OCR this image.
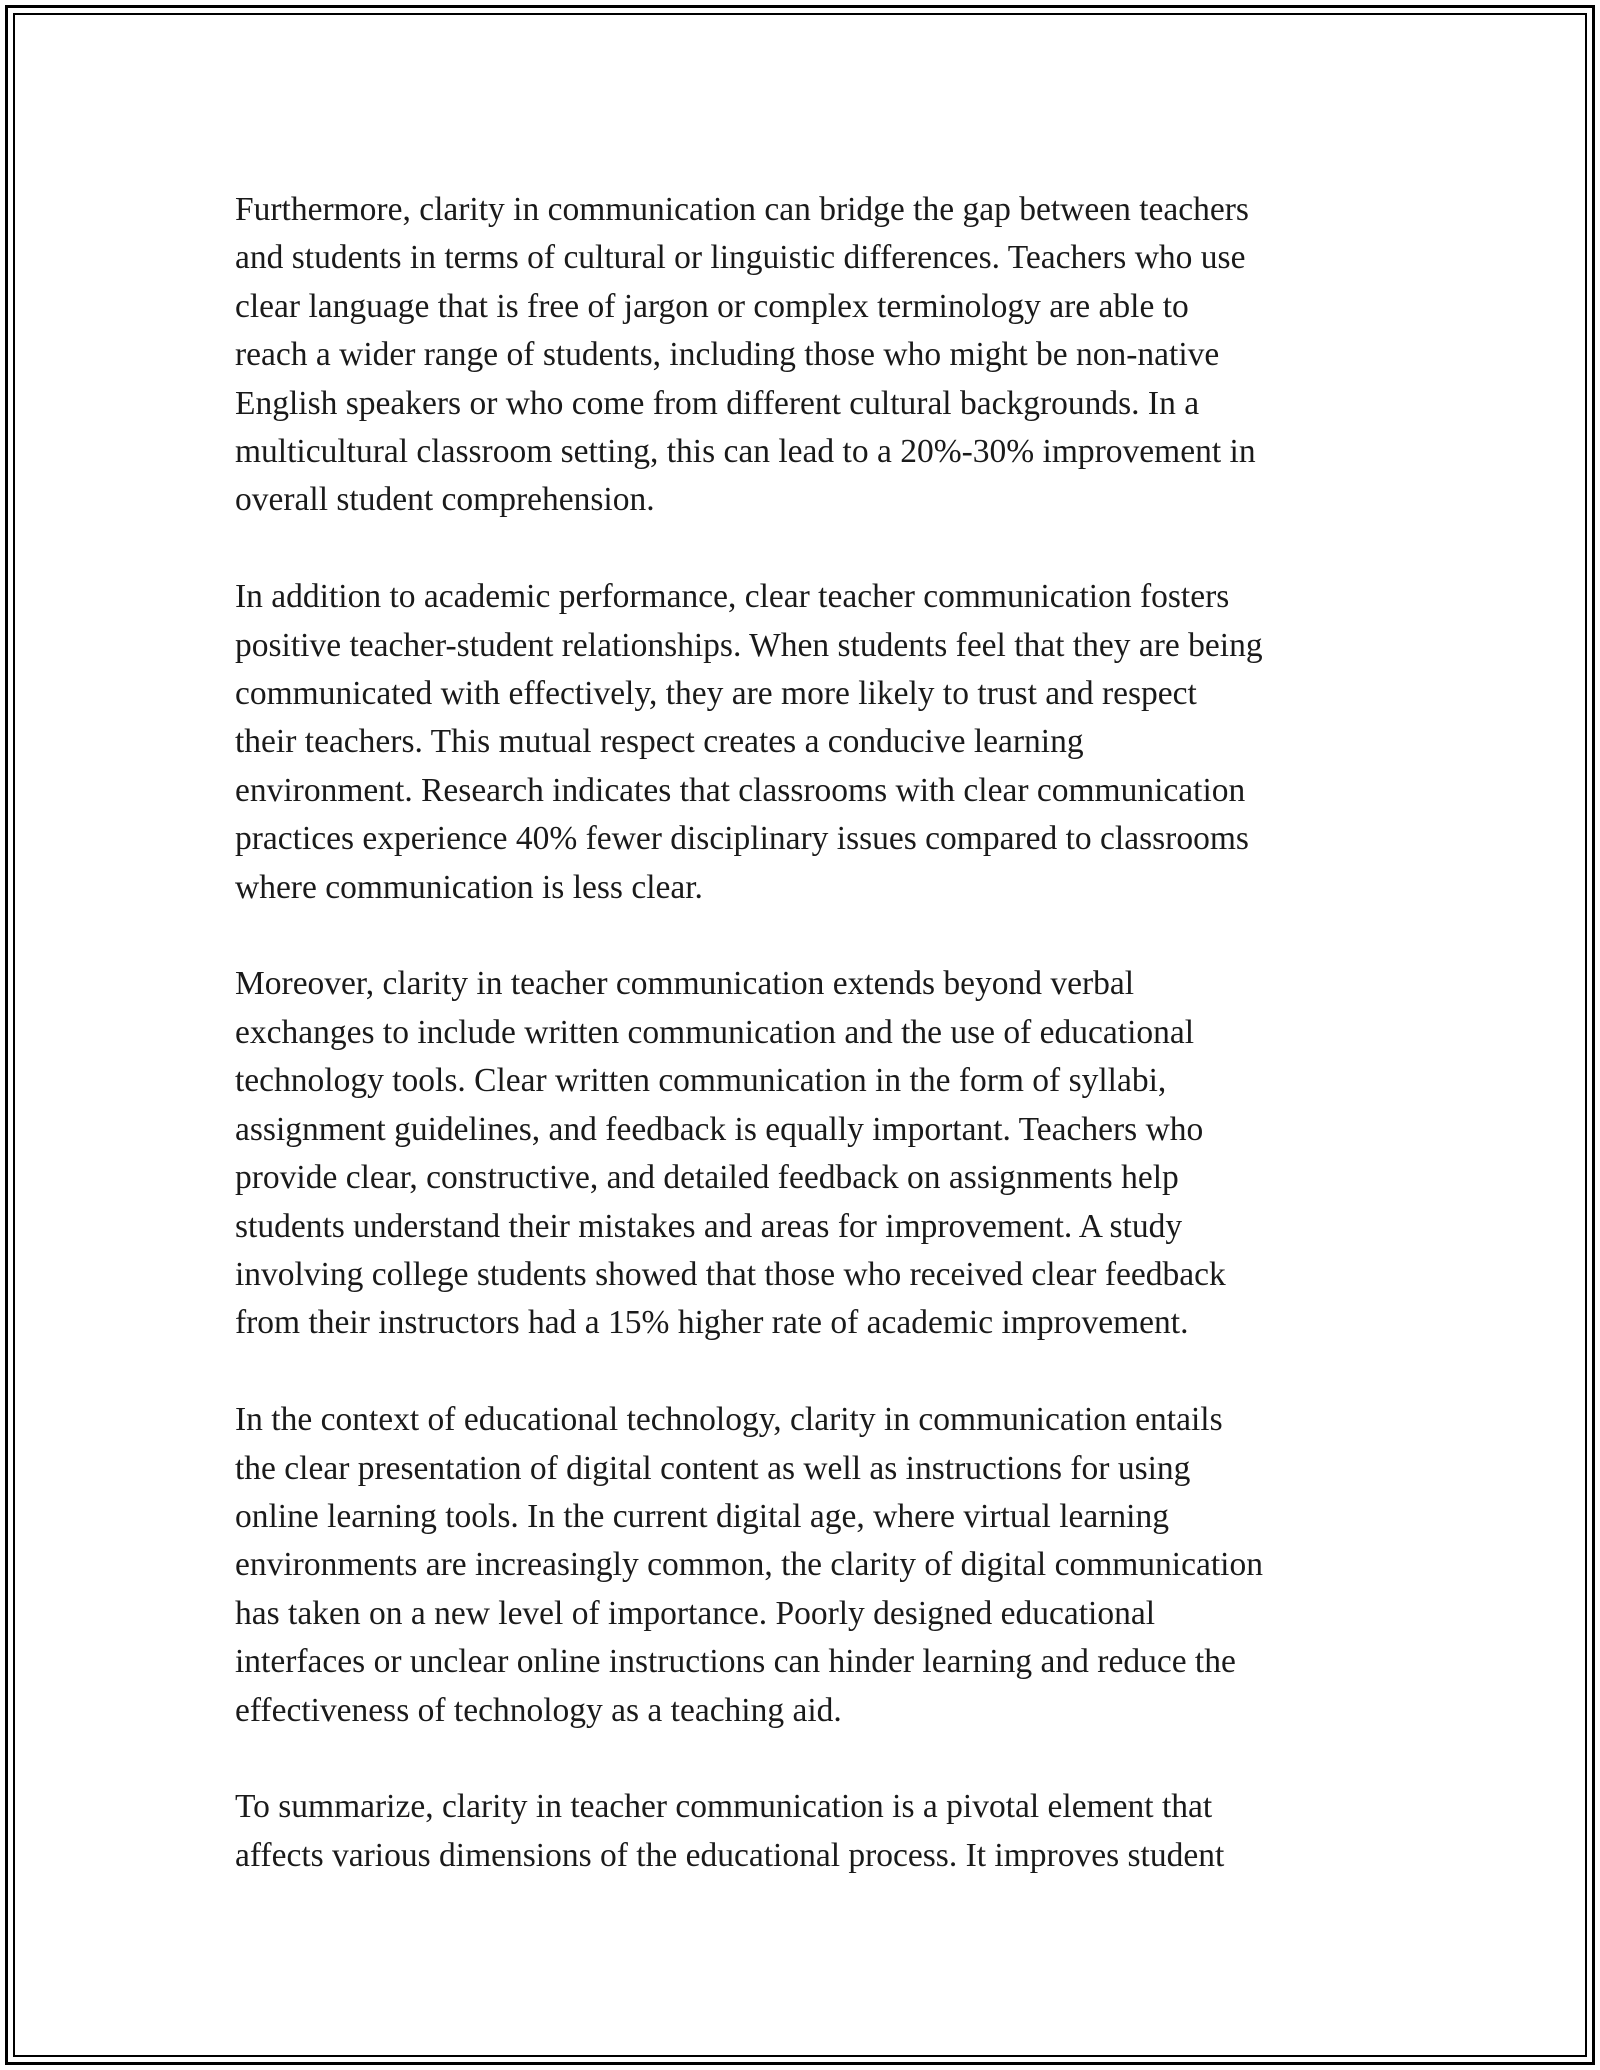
Furthermore, clarity in communication can bridge the gap between teachers
and students in terms of cultural or linguistic differences. Teachers who use
clear language that is free of jargon or complex terminology are able to
reach a wider range of students, including those who might be non-native
English speakers or who come from different cultural backgrounds. In a
multicultural classroom setting, this can lead to a 20%-30% improvement in
overall student comprehension.

In addition to academic performance, clear teacher communication fosters
positive teacher-student relationships. When students feel that they are being
communicated with effectively, they are more likely to trust and respect
their teachers. This mutual respect creates a conducive learning
environment. Research indicates that classrooms with clear communication
practices experience 40% fewer disciplinary issues compared to classrooms
where communication is less clear.

Moreover, clarity in teacher communication extends beyond verbal
exchanges to include written communication and the use of educational
technology tools. Clear written communication in the form of syllabi,
assignment guidelines, and feedback is equally important. Teachers who
provide clear, constructive, and detailed feedback on assignments help
students understand their mistakes and areas for improvement. A study
involving college students showed that those who received clear feedback
from their instructors had a 15% higher rate of academic improvement.

In the context of educational technology, clarity in communication entails
the clear presentation of digital content as well as instructions for using
online learning tools. In the current digital age, where virtual learning
environments are increasingly common, the clarity of digital communication
has taken on a new level of importance. Poorly designed educational
interfaces or unclear online instructions can hinder learning and reduce the
effectiveness of technology as a teaching aid.

To summarize, clarity in teacher communication is a pivotal element that
affects various dimensions of the educational process. It improves student
